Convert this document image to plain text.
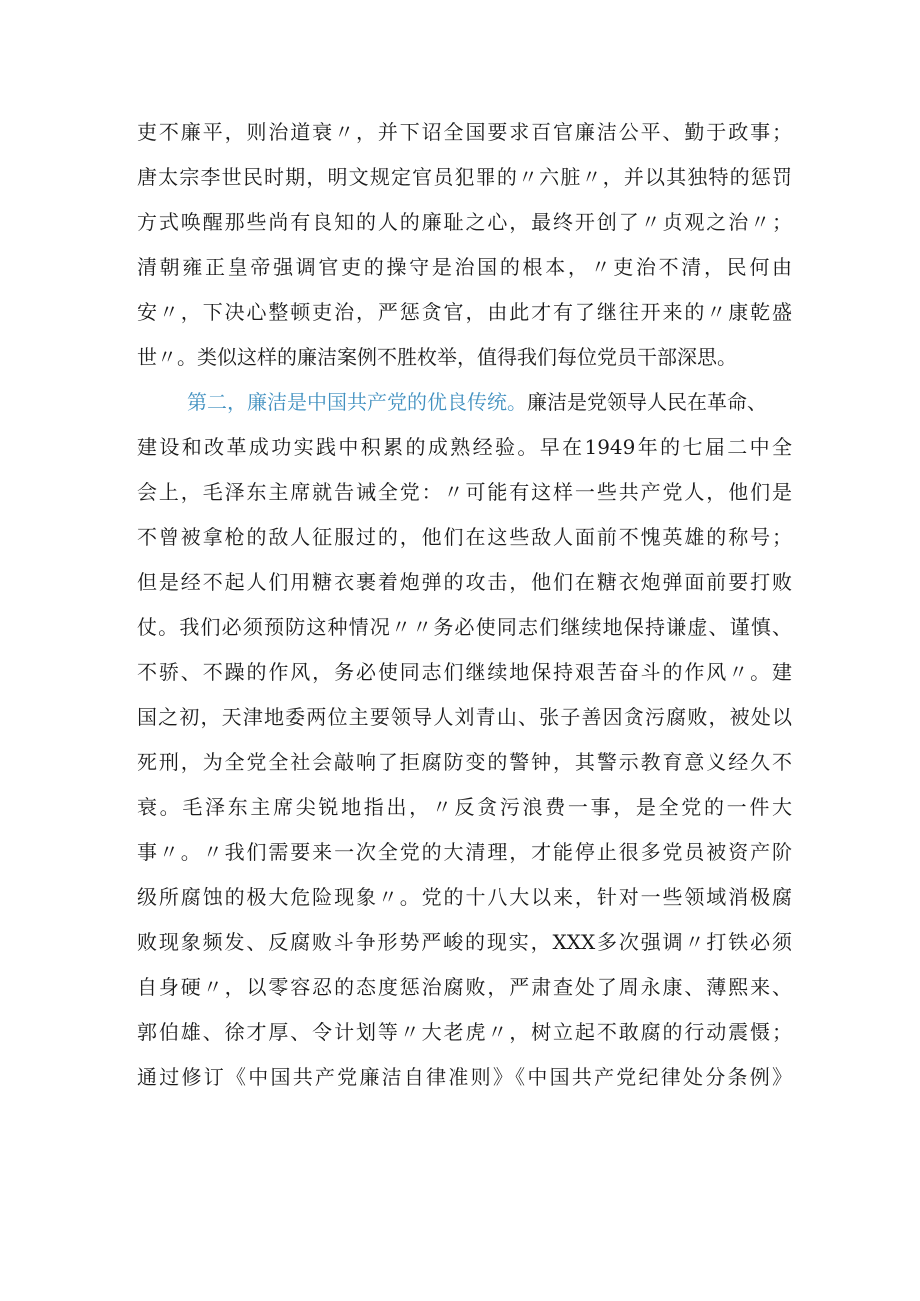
吏不廉平，则治道衰〃，并下诏全国要求百官廉洁公平、勤于政事；
唐太宗李世民时期，明文规定官员犯罪的〃六脏〃，并以其独特的惩罚
方式唤醒那些尚有良知的人的廉耻之心，最终开创了〃贞观之治〃；
清朝雍正皇帝强调官吏的操守是治国的根本，〃吏治不清，民何由
安〃，下决心整顿吏治，严惩贪官，由此才有了继往开来的〃康乾盛
世〃。类似这样的廉洁案例不胜枚举，值得我们每位党员干部深思。
第二，廉洁是中国共产党的优良传统。廉洁是党领导人民在革命、
建设和改革成功实践中积累的成熟经验。早在1949年的七届二中全
会上，毛泽东主席就告诫全党：〃可能有这样一些共产党人，他们是
不曾被拿枪的敌人征服过的，他们在这些敌人面前不愧英雄的称号；
但是经不起人们用糖衣裹着炮弹的攻击，他们在糖衣炮弹面前要打败
仗。我们必须预防这种情况〃〃务必使同志们继续地保持谦虚、谨慎、
不骄、不躁的作风，务必使同志们继续地保持艰苦奋斗的作风〃。建
国之初，天津地委两位主要领导人刘青山、张子善因贪污腐败，被处以
死刑，为全党全社会敲响了拒腐防变的警钟，其警示教育意义经久不
衰。毛泽东主席尖锐地指出，〃反贪污浪费一事，是全党的一件大
事〃。〃我们需要来一次全党的大清理，才能停止很多党员被资产阶
级所腐蚀的极大危险现象〃。党的十八大以来，针对一些领域消极腐
败现象频发、反腐败斗争形势严峻的现实，XXX多次强调〃打铁必须
自身硬〃，以零容忍的态度惩治腐败，严肃查处了周永康、薄熙来、
郭伯雄、徐才厚、令计划等〃大老虎〃，树立起不敢腐的行动震慑；
通过修订《中国共产党廉洁自律准则》《中国共产党纪律处分条例》
